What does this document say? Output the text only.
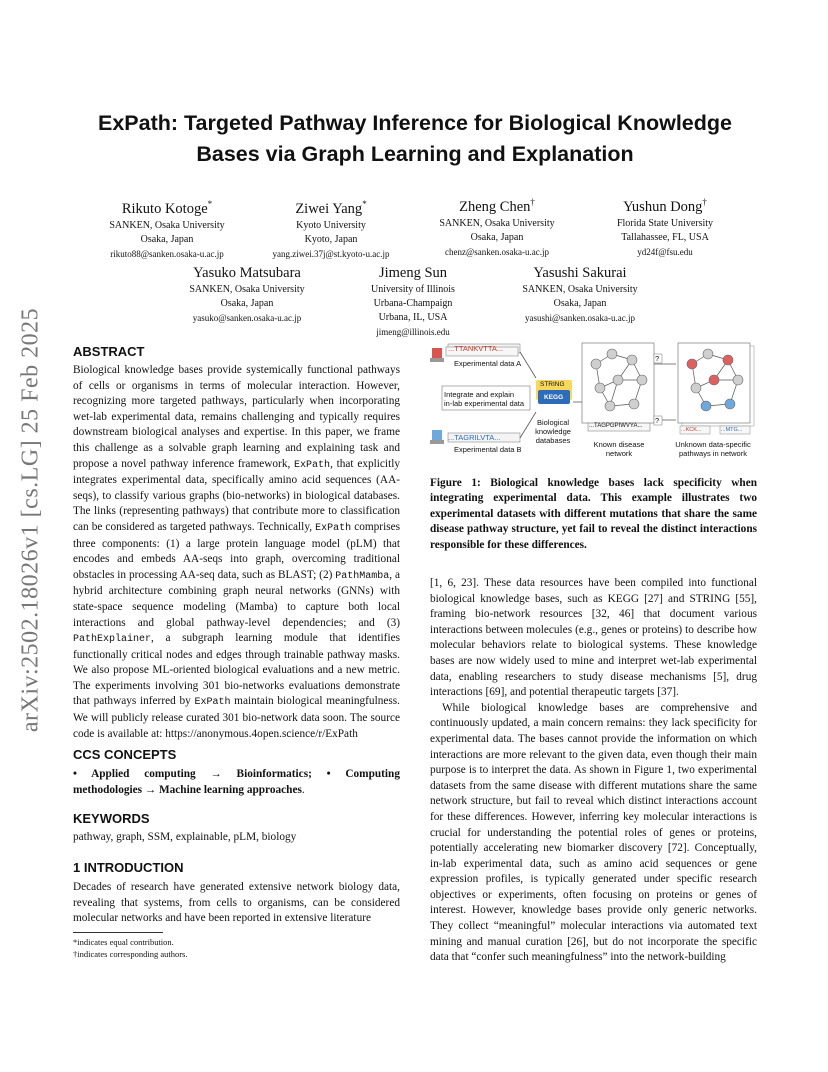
arXiv:2502.18026v1 [cs.LG] 25 Feb 2025
ExPath: Targeted Pathway Inference for Biological Knowledge
Bases via Graph Learning and Explanation
Rikuto Kotoge*
SANKEN, Osaka University
Osaka, Japan
rikuto88@sanken.osaka-u.ac.jp
Ziwei Yang*
Kyoto University
Kyoto, Japan
yang.ziwei.37j@st.kyoto-u.ac.jp
Zheng Chen†
SANKEN, Osaka University
Osaka, Japan
chenz@sanken.osaka-u.ac.jp
Yushun Dong†
Florida State University
Tallahassee, FL, USA
yd24f@fsu.edu
Yasuko Matsubara
SANKEN, Osaka University
Osaka, Japan
yasuko@sanken.osaka-u.ac.jp
Jimeng Sun
University of Illinois
Urbana-Champaign
Urbana, IL, USA
jimeng@illinois.edu
Yasushi Sakurai
SANKEN, Osaka University
Osaka, Japan
yasushi@sanken.osaka-u.ac.jp
ABSTRACT

Biological knowledge bases provide systemically functional pathways of cells or organisms in terms of molecular interaction. However, recognizing more targeted pathways, particularly when incorporating wet-lab experimental data, remains challenging and typically requires downstream biological analyses and expertise. In this paper, we frame this challenge as a solvable graph learning and explaining task and propose a novel pathway inference framework, ExPath, that explicitly integrates experimental data, specifically amino acid sequences (AA-seqs), to classify various graphs (bio-networks) in biological databases. The links (representing pathways) that contribute more to classification can be considered as targeted pathways. Technically, ExPath comprises three components: (1) a large protein language model (pLM) that encodes and embeds AA-seqs into graph, overcoming traditional obstacles in processing AA-seq data, such as BLAST; (2) PathMamba, a hybrid architecture combining graph neural networks (GNNs) with state-space sequence modeling (Mamba) to capture both local interactions and global pathway-level dependencies; and (3) PathExplainer, a subgraph learning module that identifies functionally critical nodes and edges through trainable pathway masks. We also propose ML-oriented biological evaluations and a new metric. The experiments involving 301 bio-networks evaluations demonstrate that pathways inferred by ExPath maintain biological meaningfulness. We will publicly release curated 301 bio-network data soon. The source code is available at: https://anonymous.4open.science/r/ExPath

CCS CONCEPTS

• Applied computing → Bioinformatics; • Computing methodologies → Machine learning approaches.

KEYWORDS
pathway, graph, SSM, explainable, pLM, biology
1 INTRODUCTION
Decades of research have generated extensive network biology data, revealing that systems, from cells to organisms, can be considered molecular networks and have been reported in extensive literature
*indicates equal contribution.
†indicates corresponding authors.
...TTANKVTTA...
Experimental data A
Integrate and explain
in-lab experimental data
...TAGRILVTA...
Experimental data B
STRING
KEGG
Biological
knowledge
databases
...TAGPGPIWVYA...
Known disease
network
...KCK...	...MTG...
Unknown data-specific
pathways in network
?
?
Figure 1: Biological knowledge bases lack specificity when integrating experimental data. This example illustrates two experimental datasets with different mutations that share the same disease pathway structure, yet fail to reveal the distinct interactions responsible for these differences.

[1, 6, 23]. These data resources have been compiled into functional biological knowledge bases, such as KEGG [27] and STRING [55], framing bio-network resources [32, 46] that document various interactions between molecules (e.g., genes or proteins) to describe how molecular behaviors relate to biological systems. These knowledge bases are now widely used to mine and interpret wet-lab experimental data, enabling researchers to study disease mechanisms [5], drug interactions [69], and potential therapeutic targets [37].

While biological knowledge bases are comprehensive and continuously updated, a main concern remains: they lack specificity for experimental data. The bases cannot provide the information on which interactions are more relevant to the given data, even though their main purpose is to interpret the data. As shown in Figure 1, two experimental datasets from the same disease with different mutations share the same network structure, but fail to reveal which distinct interactions account for these differences. However, inferring key molecular interactions is crucial for understanding the potential roles of genes or proteins, potentially accelerating new biomarker discovery [72]. Conceptually, in-lab experimental data, such as amino acid sequences or gene expression profiles, is typically generated under specific research objectives or experiments, often focusing on proteins or genes of interest. However, knowledge bases provide only generic networks. They collect “meaningful” molecular interactions via automated text mining and manual curation [26], but do not incorporate the specific data that “confer such meaningfulness” into the network-building
